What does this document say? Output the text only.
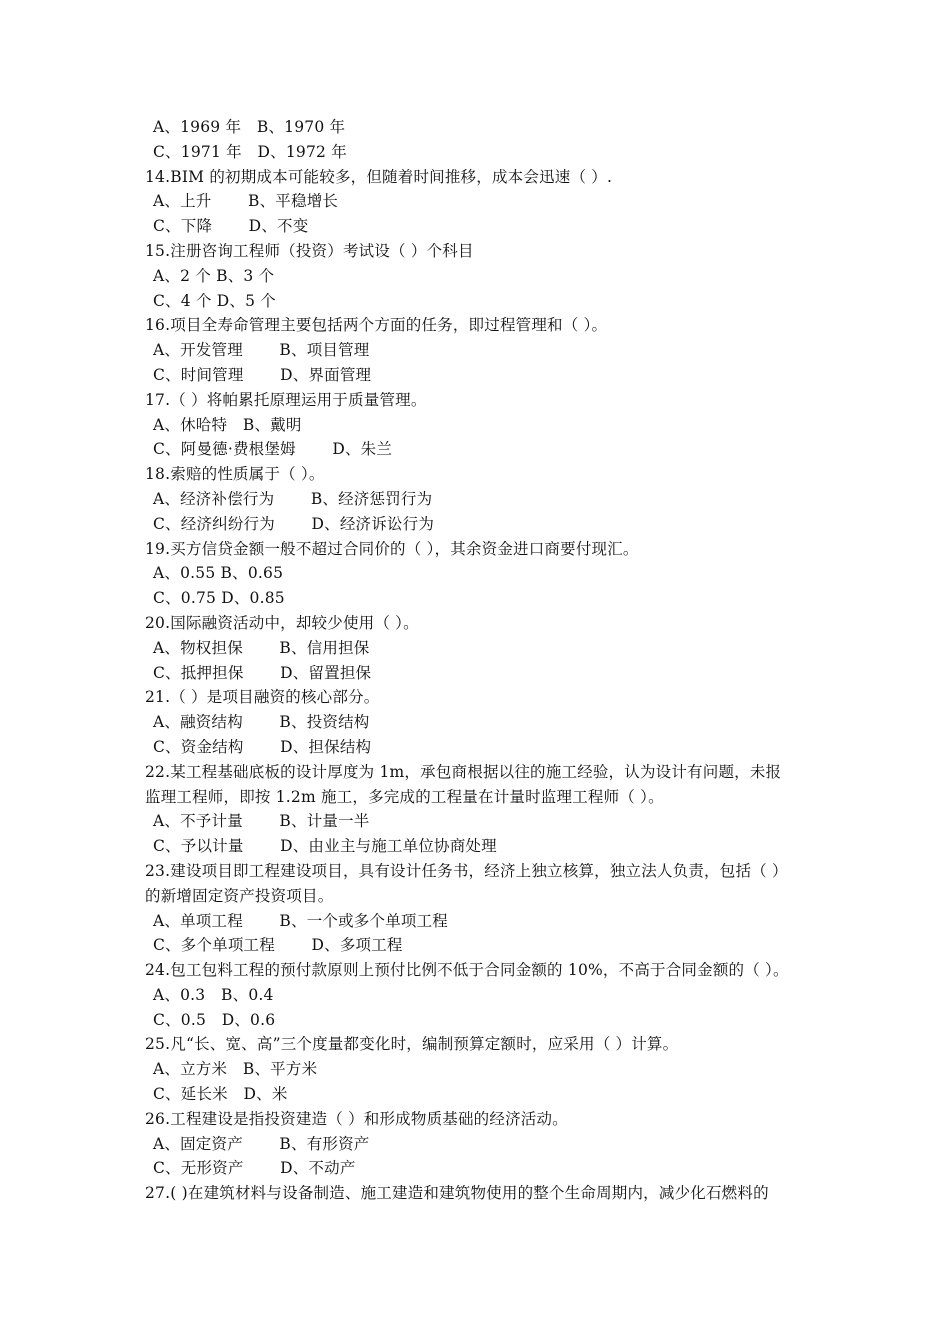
A、1969 年　B、1970 年
C、1971 年　D、1972 年
14.BIM 的初期成本可能较多，但随着时间推移，成本会迅速（ ）.
A、上升　　 B、平稳增长
C、下降　　 D、不变
15.注册咨询工程师（投资）考试设（ ）个科目
A、2 个 B、3 个
C、4 个 D、5 个
16.项目全寿命管理主要包括两个方面的任务，即过程管理和（ ）。
A、开发管理　　 B、项目管理
C、时间管理　　 D、界面管理
17.（ ）将帕累托原理运用于质量管理。
A、休哈特　B、戴明
C、阿曼德·费根堡姆　　 D、朱兰
18.索赔的性质属于（ ）。
A、经济补偿行为　　 B、经济惩罚行为
C、经济纠纷行为　　 D、经济诉讼行为
19.买方信贷金额一般不超过合同价的（ ），其余资金进口商要付现汇。
A、0.55 B、0.65
C、0.75 D、0.85
20.国际融资活动中，却较少使用（ ）。
A、物权担保　　 B、信用担保
C、抵押担保　　 D、留置担保
21.（ ）是项目融资的核心部分。
A、融资结构　　 B、投资结构
C、资金结构　　 D、担保结构
22.某工程基础底板的设计厚度为 1m，承包商根据以往的施工经验，认为设计有问题，未报
监理工程师，即按 1.2m 施工，多完成的工程量在计量时监理工程师（ ）。
A、不予计量　　 B、计量一半
C、予以计量　　 D、由业主与施工单位协商处理
23.建设项目即工程建设项目，具有设计任务书，经济上独立核算，独立法人负责，包括（ ）
的新增固定资产投资项目。
A、单项工程　　 B、一个或多个单项工程
C、多个单项工程　　 D、多项工程
24.包工包料工程的预付款原则上预付比例不低于合同金额的 10%，不高于合同金额的（ ）。
A、0.3　B、0.4
C、0.5　D、0.6
25.凡“长、宽、高”三个度量都变化时，编制预算定额时，应采用（ ）计算。
A、立方米　B、平方米
C、延长米　D、米
26.工程建设是指投资建造（ ）和形成物质基础的经济活动。
A、固定资产　　 B、有形资产
C、无形资产　　 D、不动产
27.( )在建筑材料与设备制造、施工建造和建筑物使用的整个生命周期内，减少化石燃料的
